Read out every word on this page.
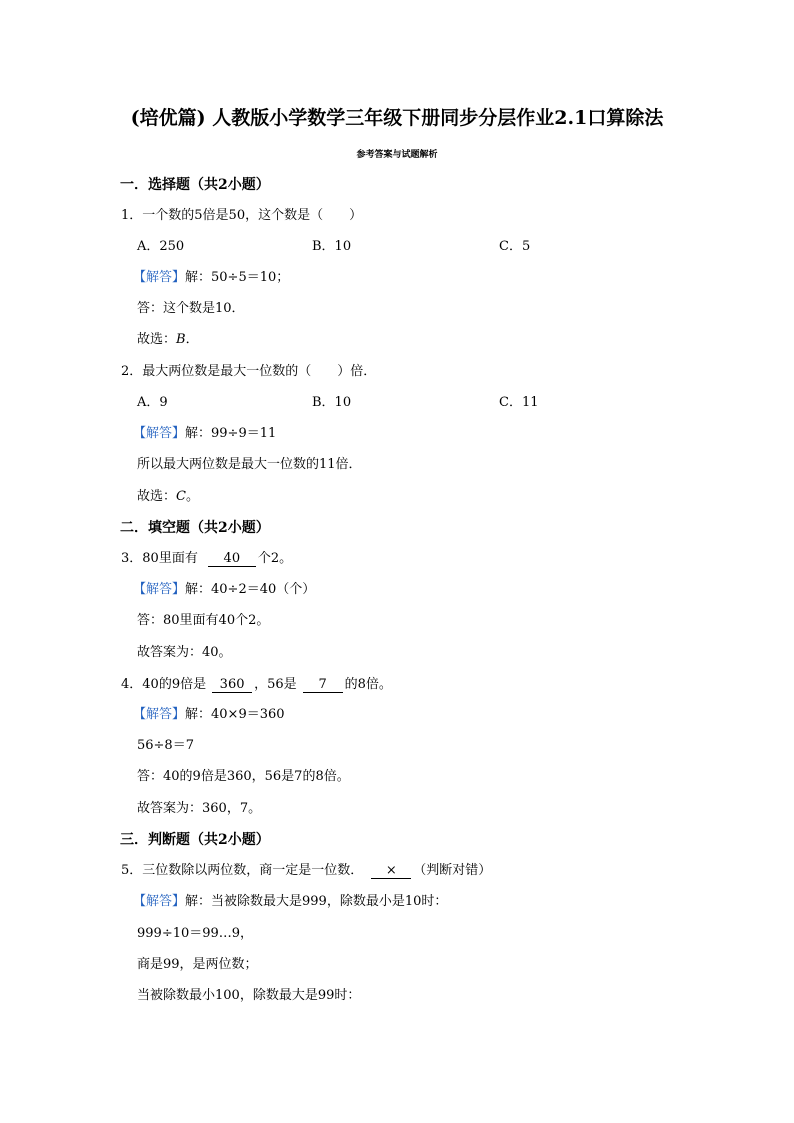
(培优篇) 人教版小学数学三年级下册同步分层作业2.1口算除法
参考答案与试题解析
一．选择题（共2小题）
1．一个数的5倍是50，这个数是（　　）
A．250	B．10	C．5
【解答】解：50÷5＝10；
答：这个数是10．
故选：B．
2．最大两位数是最大一位数的（　　）倍．
A．9	B．10	C．11
【解答】解：99÷9＝11
所以最大两位数是最大一位数的11倍．
故选：C。
二．填空题（共2小题）
3．80里面有 40 个2。
【解答】解：40÷2＝40（个）
答：80里面有40个2。
故答案为：40。
4．40的9倍是 360 ，56是 7 的8倍。
【解答】解：40×9＝360
56÷8＝7
答：40的9倍是360，56是7的8倍。
故答案为：360，7。
三．判断题（共2小题）
5．三位数除以两位数，商一定是一位数． × （判断对错）
【解答】解：当被除数最大是999，除数最小是10时：
999÷10＝99…9，
商是99，是两位数；
当被除数最小100，除数最大是99时：
